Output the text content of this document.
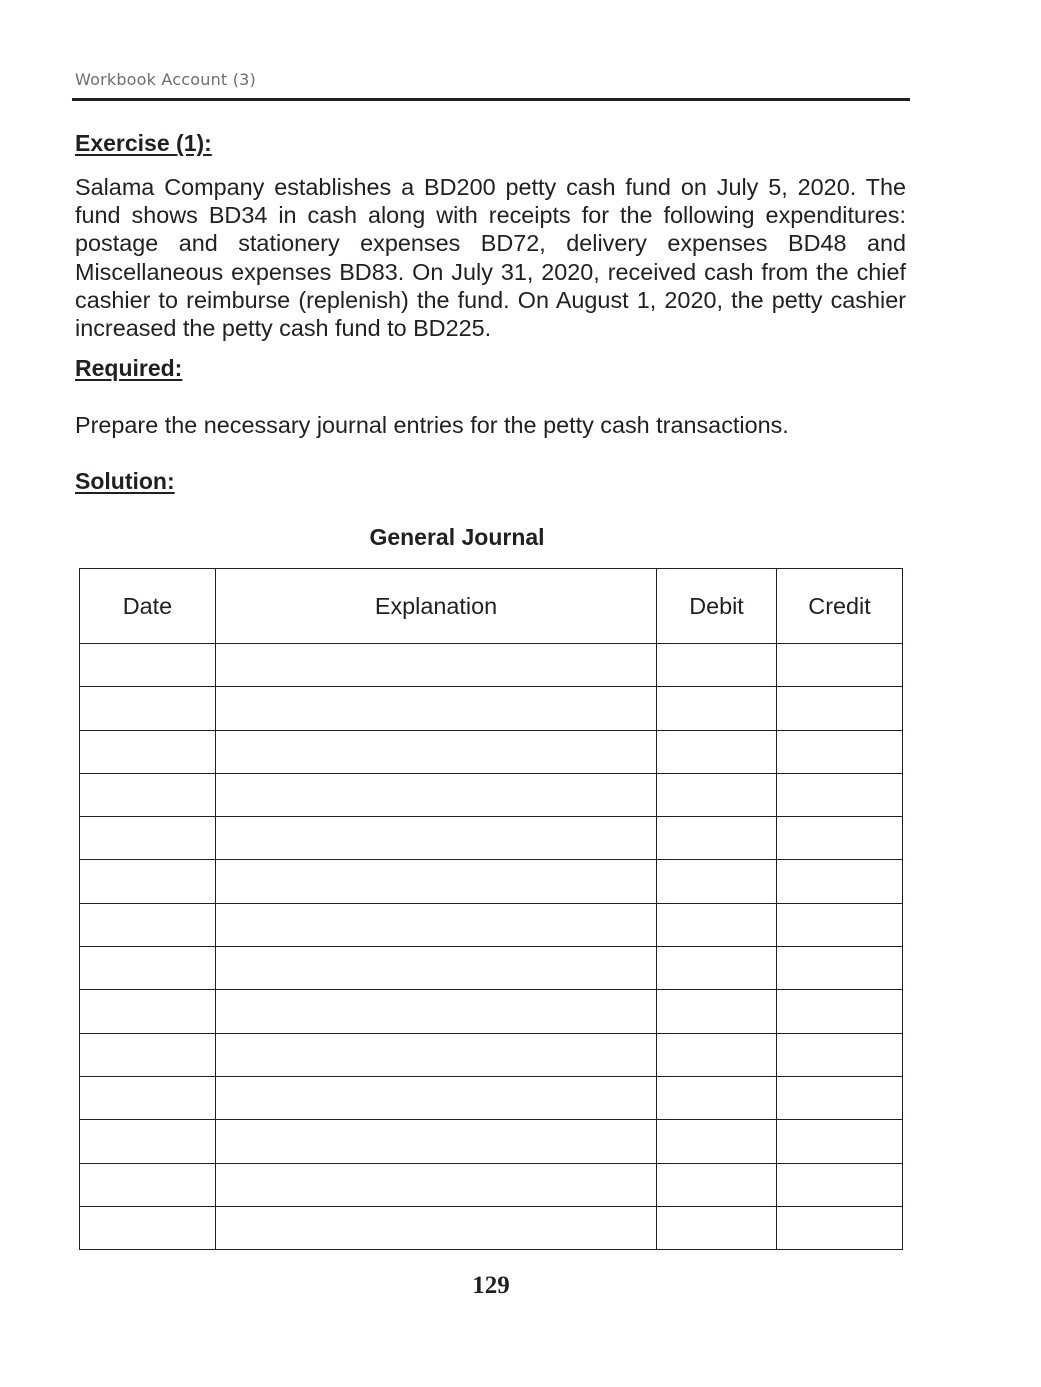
Workbook Account (3)
Exercise (1):
Salama Company establishes a BD200 petty cash fund on July 5, 2020. The fund shows BD34 in cash along with receipts for the following expenditures: postage and stationery expenses BD72, delivery expenses BD48 and Miscellaneous expenses BD83. On July 31, 2020, received cash from the chief cashier to reimburse (replenish) the fund. On August 1, 2020, the petty cashier increased the petty cash fund to BD225.
Required:
Prepare the necessary journal entries for the petty cash transactions.
Solution:
General Journal
Date	Explanation	Debit	Credit

129
